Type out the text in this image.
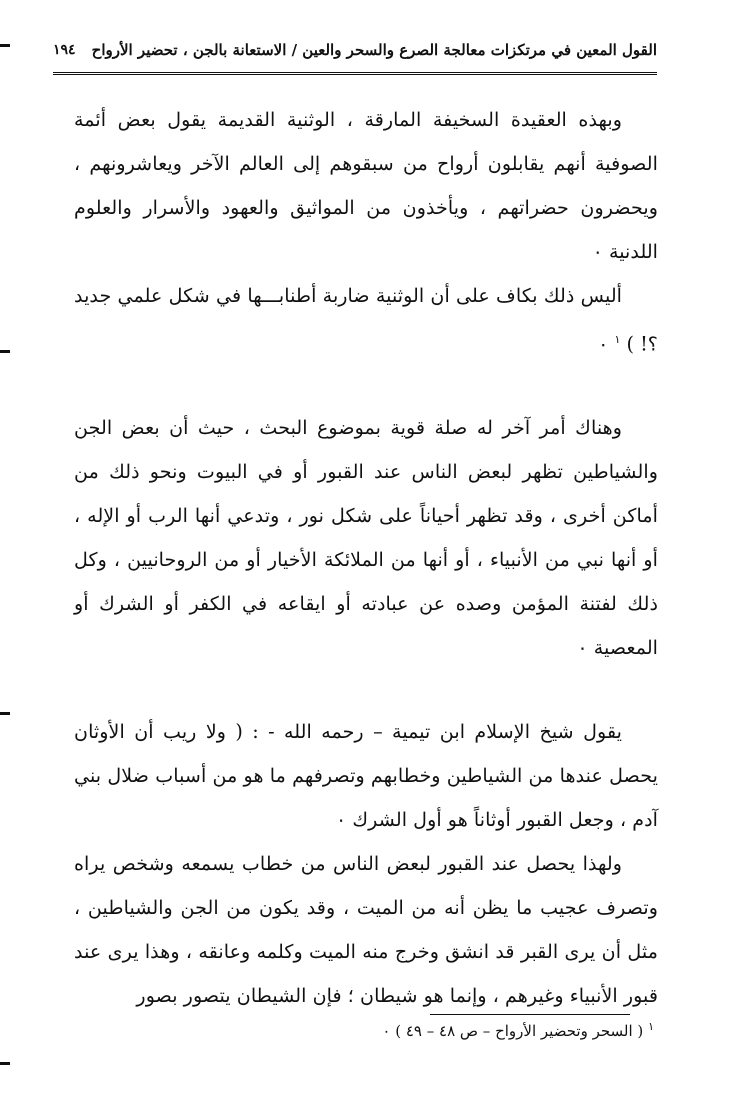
القول المعين في مرتكزات معالجة الصرع والسحر والعين / الاستعانة بالجن ، تحضير الأرواح
١٩٤

وبهذه العقيدة السخيفة المارقة ، الوثنية القديمة يقول بعض أئمة الصوفية أنهم يقابلون أرواح من سبقوهم إلى العالم الآخر ويعاشرونهم ، ويحضرون حضراتهم ، ويأخذون من المواثيق والعهود والأسرار والعلوم اللدنية ٠

أليس ذلك بكاف على أن الوثنية ضاربة أطنابـــها في شكل علمي جديد ؟! ) $^١$ ٠

وهناك أمر آخر له صلة قوية بموضوع البحث ، حيث أن بعض الجن والشياطين تظهر لبعض الناس عند القبور أو في البيوت ونحو ذلك من أماكن أخرى ، وقد تظهر أحياناً على شكل نور ، وتدعي أنها الرب أو الإله ، أو أنها نبي من الأنبياء ، أو أنها من الملائكة الأخيار أو من الروحانيين ، وكل ذلك لفتنة المؤمن وصده عن عبادته أو ايقاعه في الكفر أو الشرك أو المعصية ٠

يقول شيخ الإسلام ابن تيمية – رحمه الله - : ( ولا ريب أن الأوثان يحصل عندها من الشياطين وخطابهم وتصرفهم ما هو من أسباب ضلال بني آدم ، وجعل القبور أوثاناً هو أول الشرك ٠

ولهذا يحصل عند القبور لبعض الناس من خطاب يسمعه وشخص يراه وتصرف عجيب ما يظن أنه من الميت ، وقد يكون من الجن والشياطين ، مثل أن يرى القبر قد انشق وخرج منه الميت وكلمه وعانقه ، وهذا يرى عند قبور الأنبياء وغيرهم ، وإنما هو شيطان ؛ فإن الشيطان يتصور بصور

$^١$ ( السحر وتحضير الأرواح – ص ٤٨ – ٤٩ ) ٠
